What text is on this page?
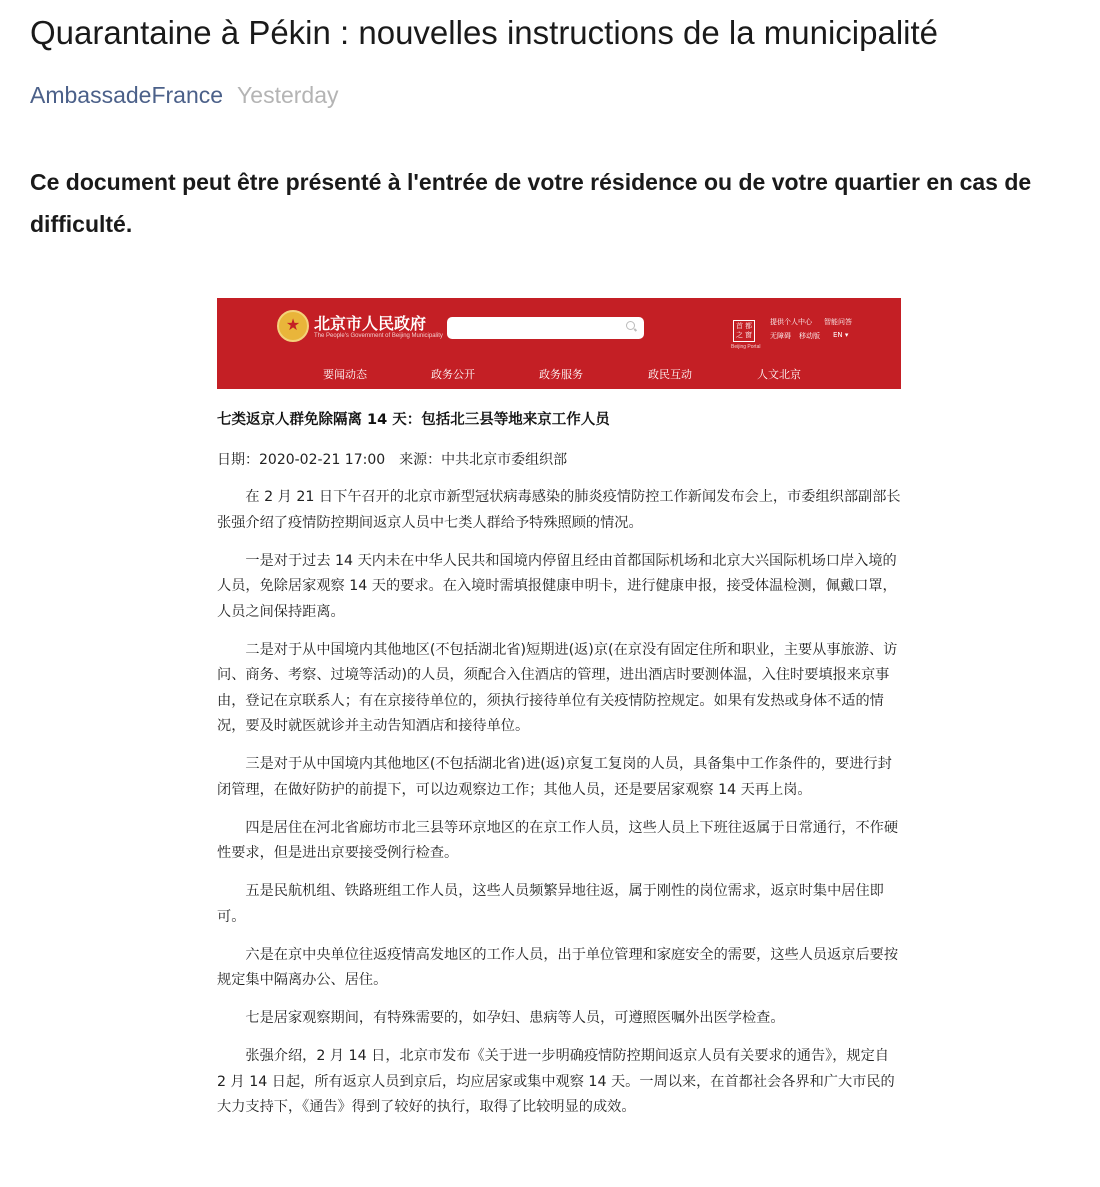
Quarantaine à Pékin : nouvelles instructions de la municipalité
AmbassadeFrance Yesterday

Ce document peut être présenté à l'entrée de votre résidence ou de votre quartier en cas de difficulté.

★
北京市人民政府
The People's Government of Beijing Municipality
首 都 之 窗
Beijing Portal
提供个人中心 智能问答
无障碍 移动版 EN ▾
要闻动态	政务公开	政务服务	政民互动	人文北京
七类返京人群免除隔离 14 天：包括北三县等地来京工作人员
日期：2020-02-21 17:00　来源：中共北京市委组织部

在 2 月 21 日下午召开的北京市新型冠状病毒感染的肺炎疫情防控工作新闻发布会上，市委组织部副部长张强介绍了疫情防控期间返京人员中七类人群给予特殊照顾的情况。

一是对于过去 14 天内未在中华人民共和国境内停留且经由首都国际机场和北京大兴国际机场口岸入境的人员，免除居家观察 14 天的要求。在入境时需填报健康申明卡，进行健康申报，接受体温检测，佩戴口罩，人员之间保持距离。

二是对于从中国境内其他地区(不包括湖北省)短期进(返)京(在京没有固定住所和职业，主要从事旅游、访问、商务、考察、过境等活动)的人员，须配合入住酒店的管理，进出酒店时要测体温，入住时要填报来京事由，登记在京联系人；有在京接待单位的，须执行接待单位有关疫情防控规定。如果有发热或身体不适的情况，要及时就医就诊并主动告知酒店和接待单位。

三是对于从中国境内其他地区(不包括湖北省)进(返)京复工复岗的人员，具备集中工作条件的，要进行封闭管理，在做好防护的前提下，可以边观察边工作；其他人员，还是要居家观察 14 天再上岗。

四是居住在河北省廊坊市北三县等环京地区的在京工作人员，这些人员上下班往返属于日常通行，不作硬性要求，但是进出京要接受例行检查。

五是民航机组、铁路班组工作人员，这些人员频繁异地往返，属于刚性的岗位需求，返京时集中居住即可。

六是在京中央单位往返疫情高发地区的工作人员，出于单位管理和家庭安全的需要，这些人员返京后要按规定集中隔离办公、居住。

七是居家观察期间，有特殊需要的，如孕妇、患病等人员，可遵照医嘱外出医学检查。

张强介绍，2 月 14 日，北京市发布《关于进一步明确疫情防控期间返京人员有关要求的通告》，规定自 2 月 14 日起，所有返京人员到京后，均应居家或集中观察 14 天。一周以来，在首都社会各界和广大市民的大力支持下，《通告》得到了较好的执行，取得了比较明显的成效。
